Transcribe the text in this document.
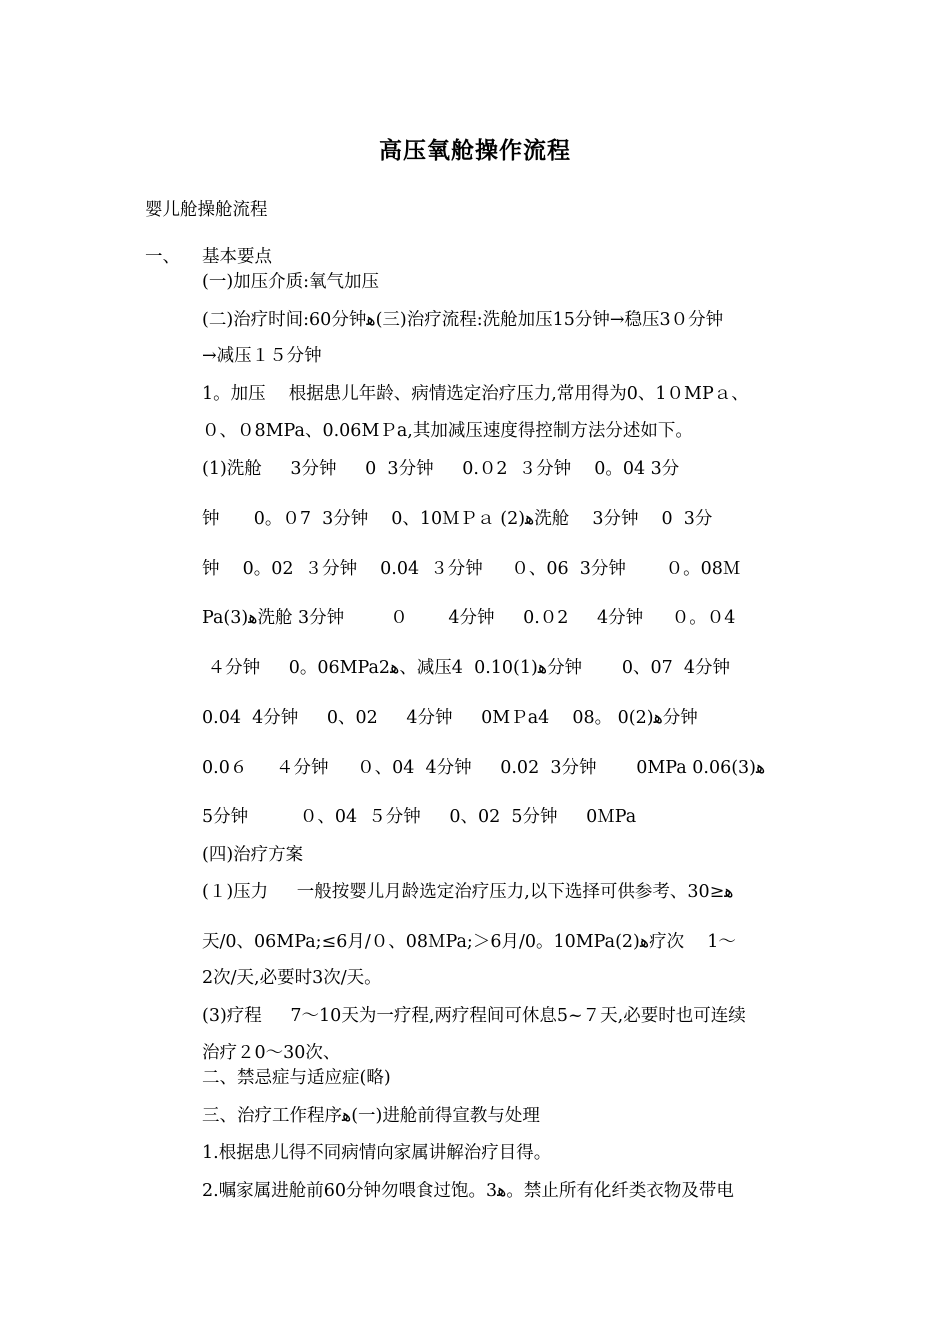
高压氧舱操作流程
婴儿舱操舱流程
一、 基本要点
(一)加压介质:氧气加压
(二)治疗时间:60分钟ﻫ(三)治疗流程:洗舱加压15分钟→稳压3０分钟
→减压１５分钟
1。加压　 根据患儿年龄、病情选定治疗压力,常用得为0、1０MPａ、
０、０8MPa、0.06MＰa,其加减压速度得控制方法分述如下。
(1)洗舱 　 3分钟 　 0  3分钟　  0.０2  ３分钟 　0。04 3分
钟 　  0。０7  3分钟 　0、10ＭＰａ (2)ﻫ洗舱 　3分钟 　0  3分
钟 　0。02  ３分钟 　0.04  ３分钟 　 ０、06  3分钟  　  ０。08Ｍ
Pa(3)ﻫ洗舱 3分钟 　 　０　 　4分钟  　0.０2  　4分钟 　 ０。０4
４分钟 　 0。06MPa2ﻫ、减压4  0.10(1)ﻫ分钟  　  0、07  4分钟
0.04  4分钟 　 0、02 　 4分钟 　 0MＰa4 　08。 0(2)ﻫ分钟
0.0６ 　 ４分钟 　 ０、04  4分钟 　 0.02  3分钟 　   0MPa 0.06(3)ﻫ
5分钟 　 　 ０、04  ５分钟 　 0、02  5分钟 　 0ＭPa
(四)治疗方案
(１)压力 　 一般按婴儿月龄选定治疗压力,以下选择可供参考、30≥ﻫ
天/0、06MPa;≤6月/０、08ＭPa;＞6月/0。10MPa(2)ﻫ疗次　 1～
2次/天,必要时3次/天。
(3)疗程 　 7～10天为一疗程,两疗程间可休息5~７天,必要时也可连续
治疗２0～30次、
二、禁忌症与适应症(略)
三、治疗工作程序ﻫ(一)进舱前得宣教与处理
1.根据患儿得不同病情向家属讲解治疗目得。
2.嘱家属进舱前60分钟勿喂食过饱。3ﻫ。禁止所有化纤类衣物及带电
